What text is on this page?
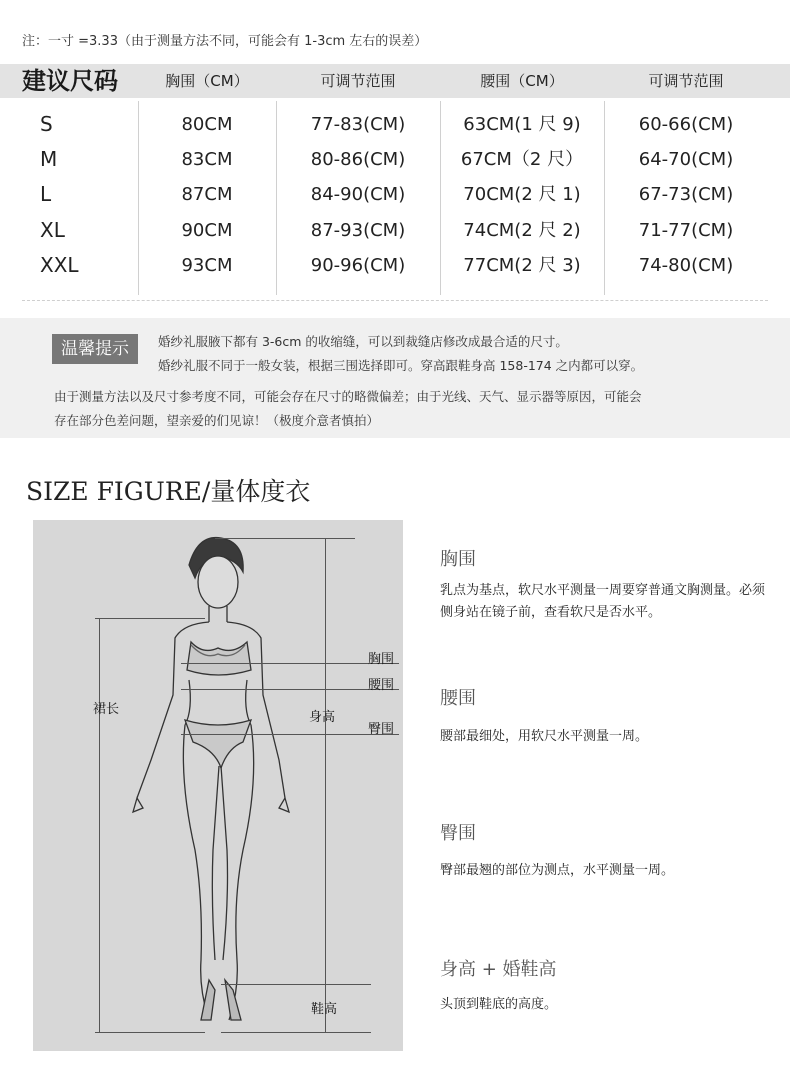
注：一寸 =3.33（由于测量方法不同，可能会有 1-3cm 左右的误差）
建议尺码	胸围（CM）	可调节范围	腰围（CM）	可调节范围
S	80CM	77-83(CM)	63CM(1 尺 9)	60-66(CM)
M	83CM	80-86(CM)	67CM（2 尺）	64-70(CM)
L	87CM	84-90(CM)	70CM(2 尺 1)	67-73(CM)
XL	90CM	87-93(CM)	74CM(2 尺 2)	71-77(CM)
XXL	93CM	90-96(CM)	77CM(2 尺 3)	74-80(CM)
温馨提示	婚纱礼服腋下都有 3-6cm 的收缩缝，可以到裁缝店修改成最合适的尺寸。
婚纱礼服不同于一般女装，根据三围选择即可。穿高跟鞋身高 158-174 之内都可以穿。
由于测量方法以及尺寸参考度不同，可能会存在尺寸的略微偏差；由于光线、天气、显示器等原因，可能会
存在部分色差问题，望亲爱的们见谅！（极度介意者慎拍）
SIZE FIGURE/量体度衣
胸围
腰围
臀围
身高
裙长
鞋高
胸围
乳点为基点，软尺水平测量一周要穿普通文胸测量。必须侧身站在镜子前，查看软尺是否水平。
腰围
腰部最细处，用软尺水平测量一周。
臀围
臀部最翘的部位为测点，水平测量一周。
身高 + 婚鞋高
头顶到鞋底的高度。
